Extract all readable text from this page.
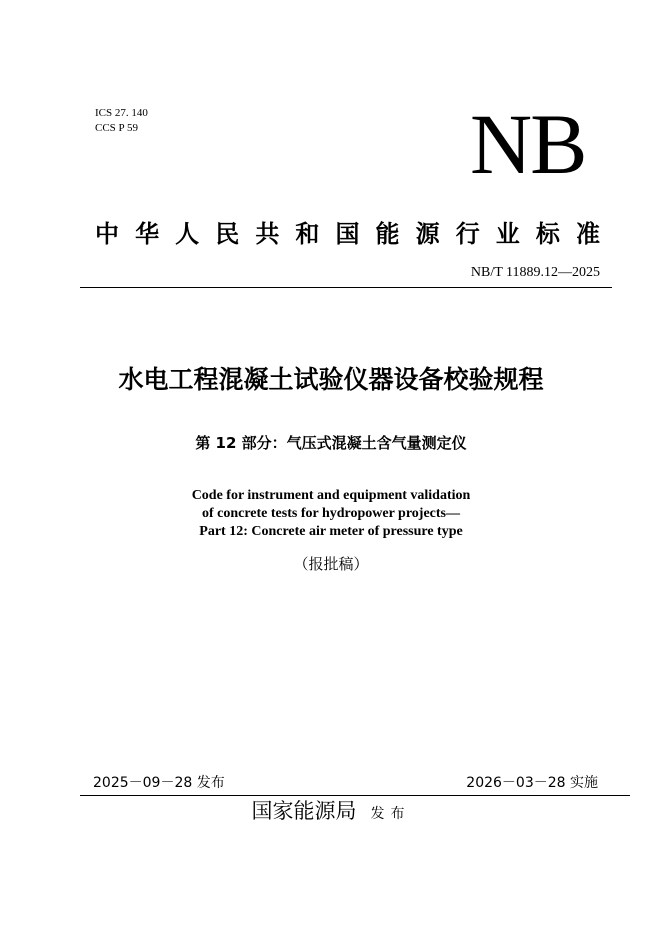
ICS 27. 140
CCS P 59	NB
中 华 人 民 共 和 国 能 源 行 业 标 准
NB/T 11889.12—2025
水电工程混凝土试验仪器设备校验规程
第 12 部分：气压式混凝土含气量测定仪
Code for instrument and equipment validation
of concrete tests for hydropower projects—
Part 12: Concrete air meter of pressure type
（报批稿）
2025－09－28 发布	2026－03－28 实施
国家能源局 发布
